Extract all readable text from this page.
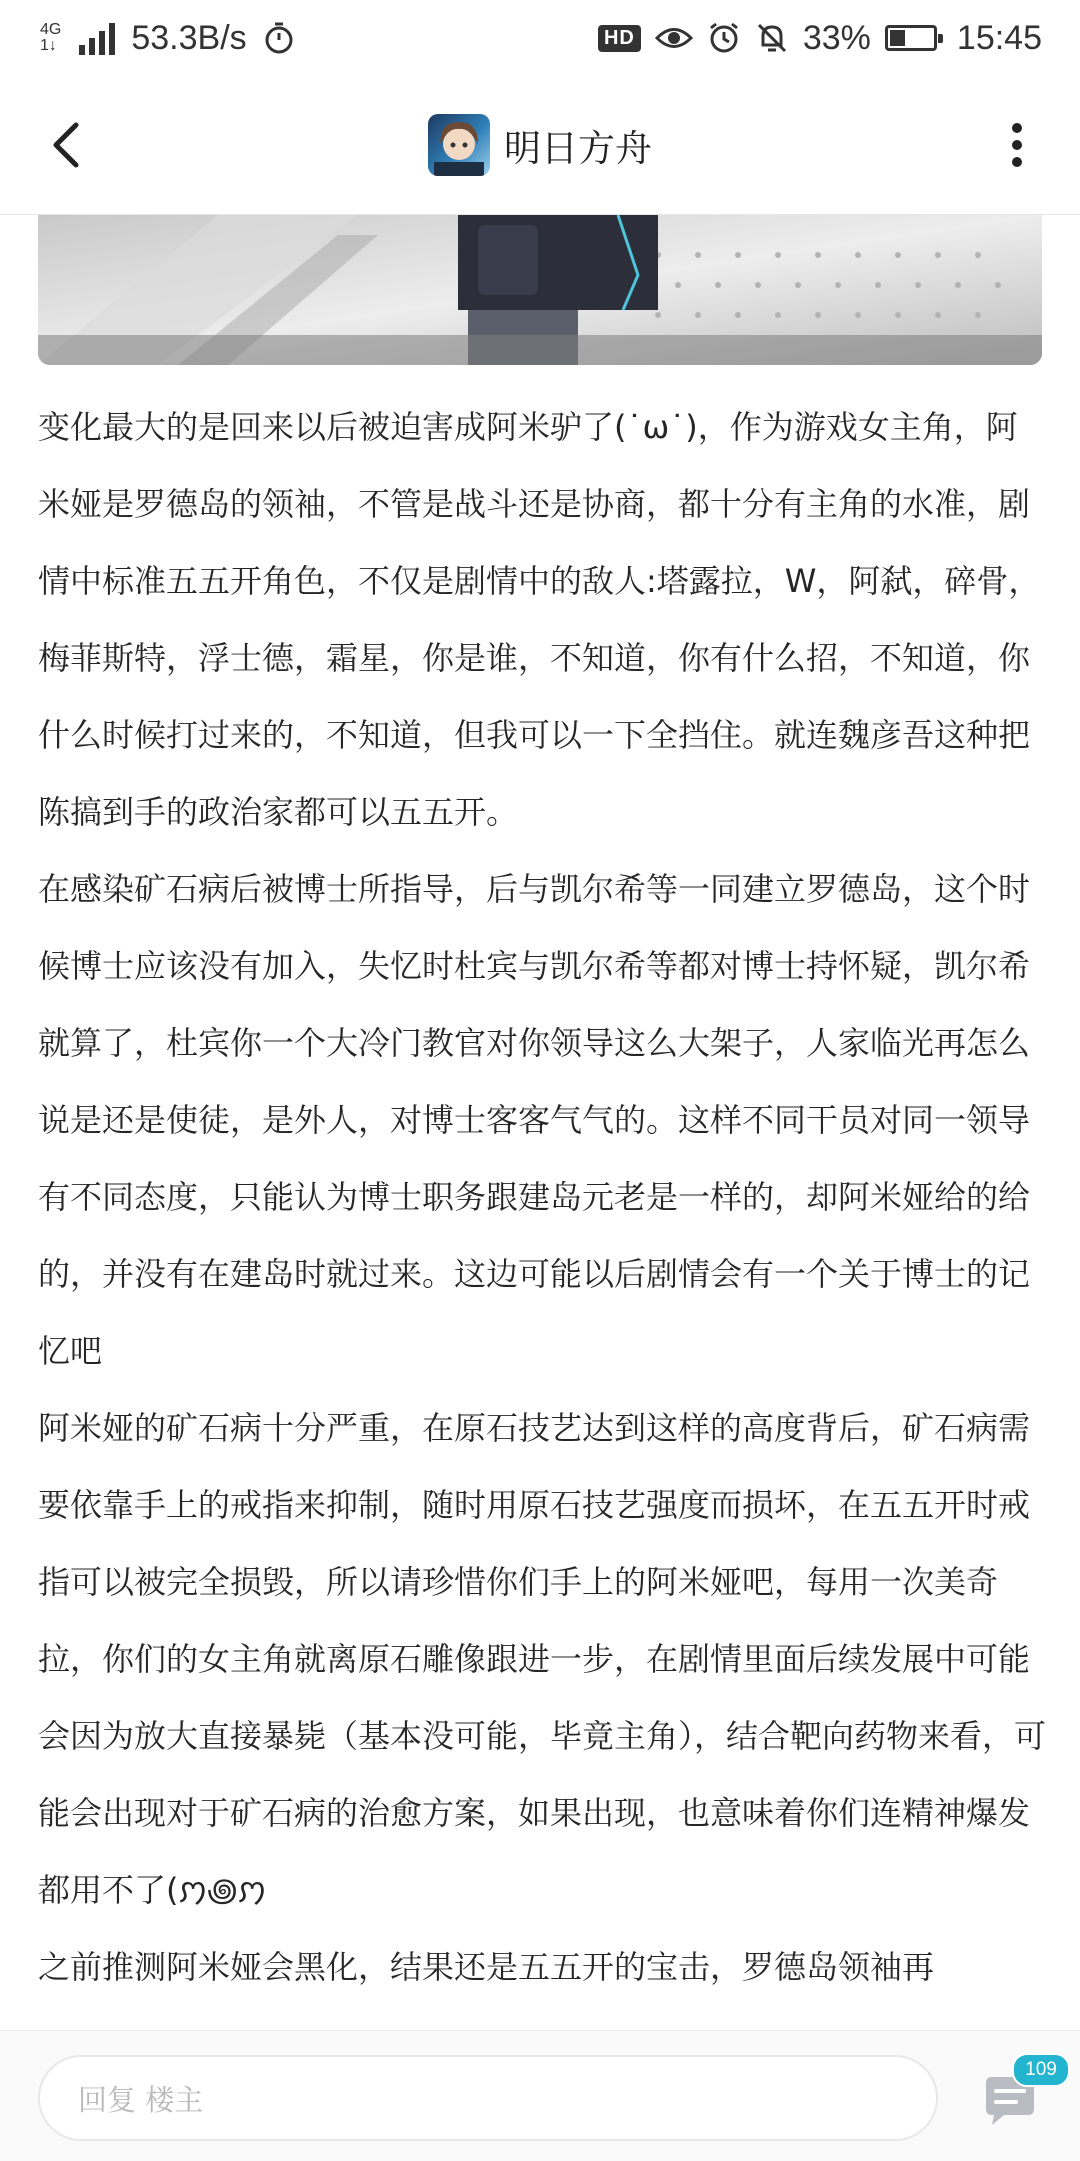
4G
1↓ 53.3B/s	HD	33%	15:45
明日方舟

变化最大的是回来以后被迫害成阿米驴了(˙ω˙)，作为游戏女主角，阿米娅是罗德岛的领袖，不管是战斗还是协商，都十分有主角的水准，剧情中标准五五开角色，不仅是剧情中的敌人:塔露拉，W，阿弑，碎骨，梅菲斯特，浮士德，霜星，你是谁，不知道，你有什么招，不知道，你什么时候打过来的，不知道，但我可以一下全挡住。就连魏彦吾这种把陈搞到手的政治家都可以五五开。

在感染矿石病后被博士所指导，后与凯尔希等一同建立罗德岛，这个时候博士应该没有加入，失忆时杜宾与凯尔希等都对博士持怀疑，凯尔希就算了，杜宾你一个大冷门教官对你领导这么大架子，人家临光再怎么说是还是使徒，是外人，对博士客客气气的。这样不同干员对同一领导有不同态度，只能认为博士职务跟建岛元老是一样的，却阿米娅给的给的，并没有在建岛时就过来。这边可能以后剧情会有一个关于博士的记忆吧

阿米娅的矿石病十分严重，在原石技艺达到这样的高度背后，矿石病需要依靠手上的戒指来抑制，随时用原石技艺强度而损坏，在五五开时戒指可以被完全损毁，所以请珍惜你们手上的阿米娅吧，每用一次美奇拉，你们的女主角就离原石雕像跟进一步，在剧情里面后续发展中可能会因为放大直接暴毙（基本没可能，毕竟主角），结合靶向药物来看，可能会出现对于矿石病的治愈方案，如果出现，也意味着你们连精神爆发都用不了(ꩀ꩜ꩀ

之前推测阿米娅会黑化，结果还是五五开的宝击，罗德岛领袖再

回复 楼主
109
